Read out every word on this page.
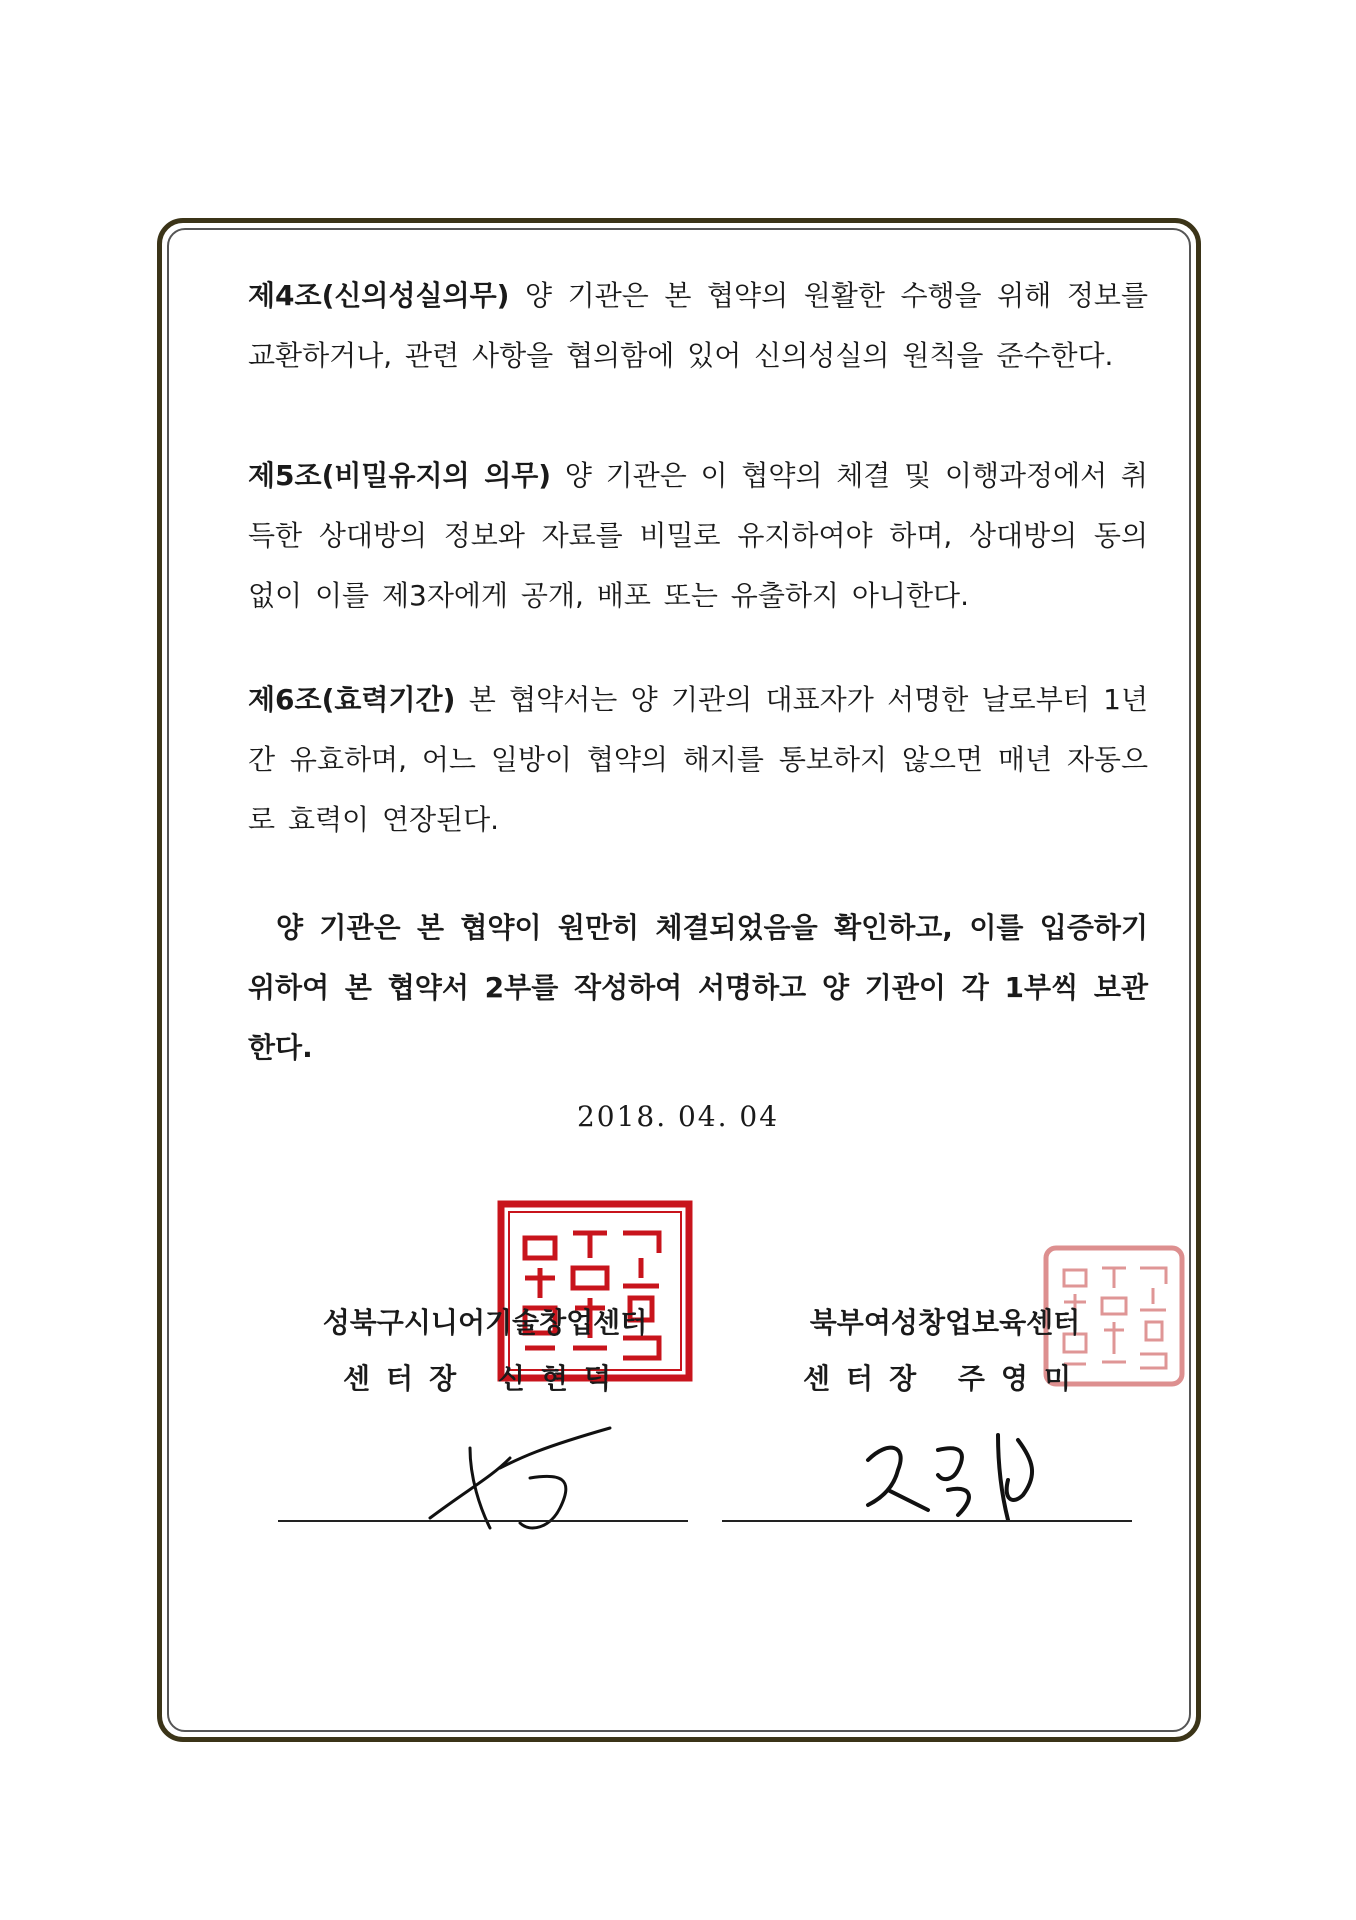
제4조(신의성실의무) 양 기관은 본 협약의 원활한 수행을 위해 정보를 교환하거나, 관련 사항을 협의함에 있어 신의성실의 원칙을 준수한다.

제5조(비밀유지의 의무) 양 기관은 이 협약의 체결 및 이행과정에서 취득한 상대방의 정보와 자료를 비밀로 유지하여야 하며, 상대방의 동의 없이 이를 제3자에게 공개, 배포 또는 유출하지 아니한다.

제6조(효력기간) 본 협약서는 양 기관의 대표자가 서명한 날로부터 1년간 유효하며, 어느 일방이 협약의 해지를 통보하지 않으면 매년 자동으로 효력이 연장된다.

양 기관은 본 협약이 원만히 체결되었음을 확인하고, 이를 입증하기 위하여 본 협약서 2부를 작성하여 서명하고 양 기관이 각 1부씩 보관한다.

2018. 04. 04
성북구시니어기술창업센터
센터장 신현덕
북부여성창업보육센터
센터장 주영미
